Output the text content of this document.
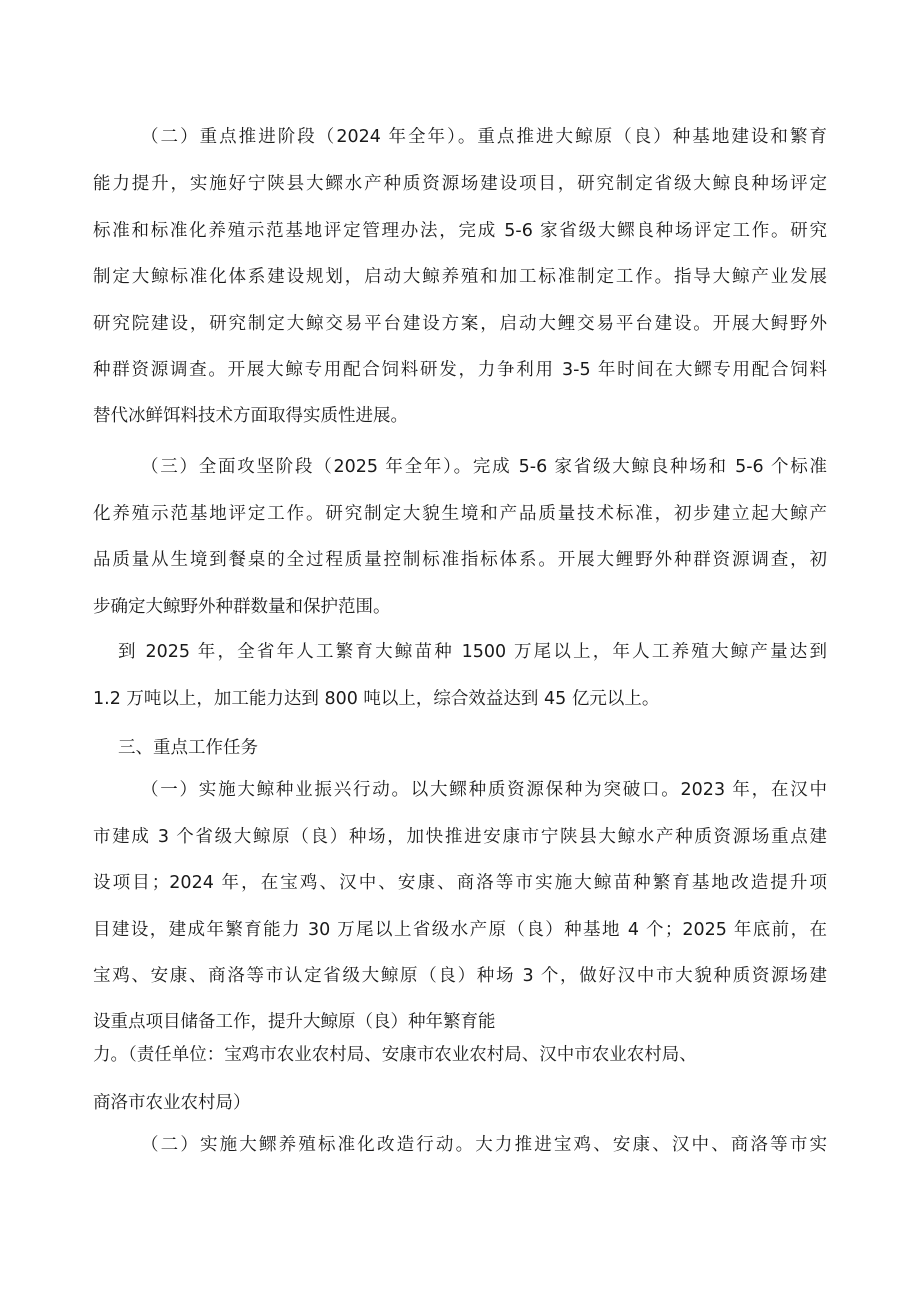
（二）重点推进阶段（2024 年全年）。重点推进大鲸原（良）种基地建设和繁育
能力提升，实施好宁陕县大鳏水产种质资源场建设项目，研究制定省级大鲸良种场评定
标准和标准化养殖示范基地评定管理办法，完成 5-6 家省级大鳏良种场评定工作。研究
制定大鲸标准化体系建设规划，启动大鲸养殖和加工标准制定工作。指导大鲸产业发展
研究院建设，研究制定大鲸交易平台建设方案，启动大鲤交易平台建设。开展大鲟野外
种群资源调查。开展大鲸专用配合饲料研发，力争利用 3-5 年时间在大鳏专用配合饲料
替代冰鲜饵料技术方面取得实质性进展。
（三）全面攻坚阶段（2025 年全年）。完成 5-6 家省级大鲸良种场和 5-6 个标准
化养殖示范基地评定工作。研究制定大貌生境和产品质量技术标准，初步建立起大鲸产
品质量从生境到餐桌的全过程质量控制标准指标体系。开展大鲤野外种群资源调查，初
步确定大鲸野外种群数量和保护范围。
到 2025 年，全省年人工繁育大鲸苗种 1500 万尾以上，年人工养殖大鲸产量达到
1.2 万吨以上，加工能力达到 800 吨以上，综合效益达到 45 亿元以上。
三、重点工作任务
（一）实施大鲸种业振兴行动。以大鳏种质资源保种为突破口。2023 年，在汉中
市建成 3 个省级大鲸原（良）种场，加快推进安康市宁陕县大鲸水产种质资源场重点建
设项目；2024 年，在宝鸡、汉中、安康、商洛等市实施大鲸苗种繁育基地改造提升项
目建设，建成年繁育能力 30 万尾以上省级水产原（良）种基地 4 个；2025 年底前，在
宝鸡、安康、商洛等市认定省级大鲸原（良）种场 3 个，做好汉中市大貌种质资源场建
设重点项目储备工作，提升大鲸原（良）种年繁育能
力。（责任单位：宝鸡市农业农村局、安康市农业农村局、汉中市农业农村局、
商洛市农业农村局）
（二）实施大鳏养殖标准化改造行动。大力推进宝鸡、安康、汉中、商洛等市实
